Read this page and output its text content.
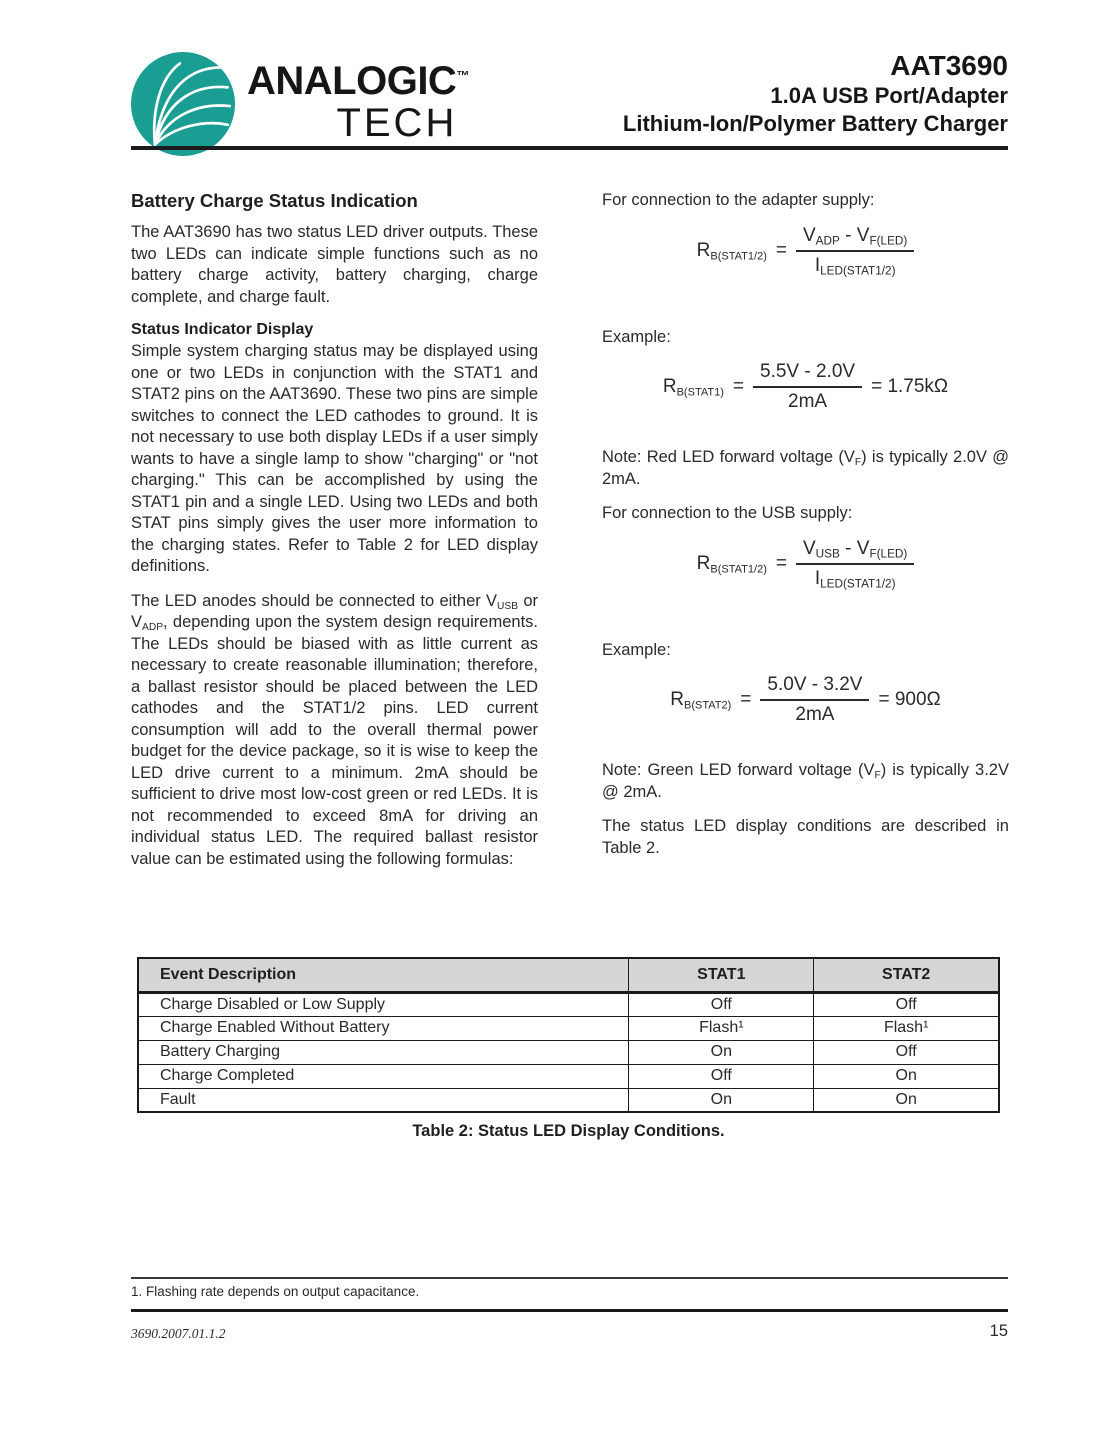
ANALOGIC™
TECH
AAT3690
1.0A USB Port/Adapter
Lithium-Ion/Polymer Battery Charger
Battery Charge Status Indication

The AAT3690 has two status LED driver outputs. These two LEDs can indicate simple functions such as no battery charge activity, battery charging, charge complete, and charge fault.

Status Indicator Display

Simple system charging status may be displayed using one or two LEDs in conjunction with the STAT1 and STAT2 pins on the AAT3690. These two pins are simple switches to connect the LED cathodes to ground. It is not necessary to use both display LEDs if a user simply wants to have a single lamp to show "charging" or "not charging." This can be accomplished by using the STAT1 pin and a single LED. Using two LEDs and both STAT pins simply gives the user more information to the charging states. Refer to Table 2 for LED display definitions.

The LED anodes should be connected to either $V_{USB}$ or $V_{ADP}$, depending upon the system design requirements. The LEDs should be biased with as little current as necessary to create reasonable illumination; therefore, a ballast resistor should be placed between the LED cathodes and the STAT1/2 pins. LED current consumption will add to the overall thermal power budget for the device package, so it is wise to keep the LED drive current to a minimum. 2mA should be sufficient to drive most low-cost green or red LEDs. It is not recommended to exceed 8mA for driving an individual status LED. The required ballast resistor value can be estimated using the following formulas:

For connection to the adapter supply:

$R_{B(STAT1/2)} = \frac{V_{ADP} - V_{F(LED)}}{I_{LED(STAT1/2)}}$

Example:

$R_{B(STAT1)} = \frac{5.5V - 2.0V}{2mA} = 1.75k\Omega$

Note: Red LED forward voltage $(V_F)$ is typically 2.0V @ 2mA.

For connection to the USB supply:

$R_{B(STAT1/2)} = \frac{V_{USB} - V_{F(LED)}}{I_{LED(STAT1/2)}}$

Example:

$R_{B(STAT2)} = \frac{5.0V - 3.2V}{2mA} = 900\Omega$

Note: Green LED forward voltage $(V_F)$ is typically 3.2V @ 2mA.

The status LED display conditions are described in Table 2.

Event Description	STAT1	STAT2
Charge Disabled or Low Supply	Off	Off
Charge Enabled Without Battery	Flash¹	Flash¹
Battery Charging	On	Off
Charge Completed	Off	On
Fault	On	On
Table 2: Status LED Display Conditions.
1. Flashing rate depends on output capacitance.
3690.2007.01.1.2	15
